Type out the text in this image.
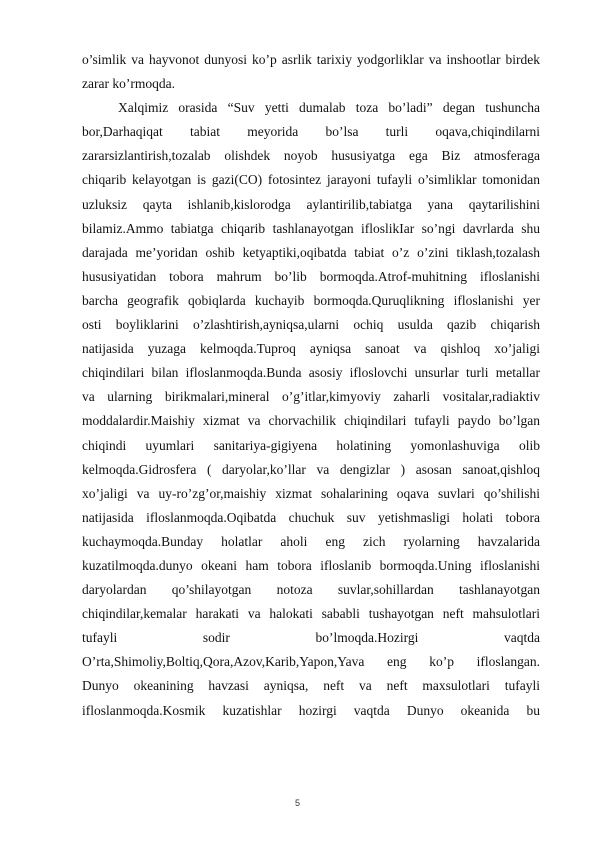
o’simlik va hayvonot dunyosi ko’p asrlik tarixiy yodgorliklar va inshootlar birdek
zarar ko’rmoqda.

Xalqimiz orasida “Suv yetti dumalab toza bo’ladi” degan tushuncha
bor,Darhaqiqat tabiat meyorida bo’lsa turli oqava,chiqindilarni
zararsizlantirish,tozalab olishdek noyob hususiyatga ega Biz atmosferaga
chiqarib kelayotgan is gazi(CO) fotosintez jarayoni tufayli o’simliklar tomonidan
uzluksiz qayta ishlanib,kislorodga aylantirilib,tabiatga yana qaytarilishini
bilamiz.Ammo tabiatga chiqarib tashlanayotgan ifloslikIar so’ngi davrlarda shu
darajada me’yoridan oshib ketyaptiki,oqibatda tabiat o’z o’zini tiklash,tozalash
hususiyatidan tobora mahrum bo’lib bormoqda.Atrof-muhitning ifloslanishi
barcha geografik qobiqlarda kuchayib bormoqda.Quruqlikning ifloslanishi yer
osti boyliklarini o’zlashtirish,ayniqsa,ularni ochiq usulda qazib chiqarish
natijasida yuzaga kelmoqda.Tuproq ayniqsa sanoat va qishloq xo’jaligi
chiqindilari bilan ifloslanmoqda.Bunda asosiy ifloslovchi unsurlar turli metallar
va ularning birikmalari,mineral o’g’itlar,kimyoviy zaharli vositalar,radiaktiv
moddalardir.Maishiy xizmat va chorvachilik chiqindilari tufayli paydo bo’lgan
chiqindi uyumlari sanitariya-gigiyena holatining yomonlashuviga olib
kelmoqda.Gidrosfera ( daryolar,ko’llar va dengizlar ) asosan sanoat,qishloq
xo’jaligi va uy-ro’zg’or,maishiy xizmat sohalarining oqava suvlari qo’shilishi
natijasida ifloslanmoqda.Oqibatda chuchuk suv yetishmasligi holati tobora
kuchaymoqda.Bunday holatlar aholi eng zich ryolarning havzalarida
kuzatilmoqda.dunyo okeani ham tobora ifloslanib bormoqda.Uning ifloslanishi
daryolardan qo’shilayotgan notoza suvlar,sohillardan tashlanayotgan
chiqindilar,kemalar harakati va halokati sababli tushayotgan neft mahsulotlari
tufayli sodir bo’lmoqda.Hozirgi vaqtda
O’rta,Shimoliy,Boltiq,Qora,Azov,Karib,Yapon,Yava eng ko’p ifloslangan.
Dunyo okeanining havzasi ayniqsa, neft va neft maxsulotlari tufayli
ifloslanmoqda.Kosmik kuzatishlar hozirgi vaqtda Dunyo okeanida bu

5
